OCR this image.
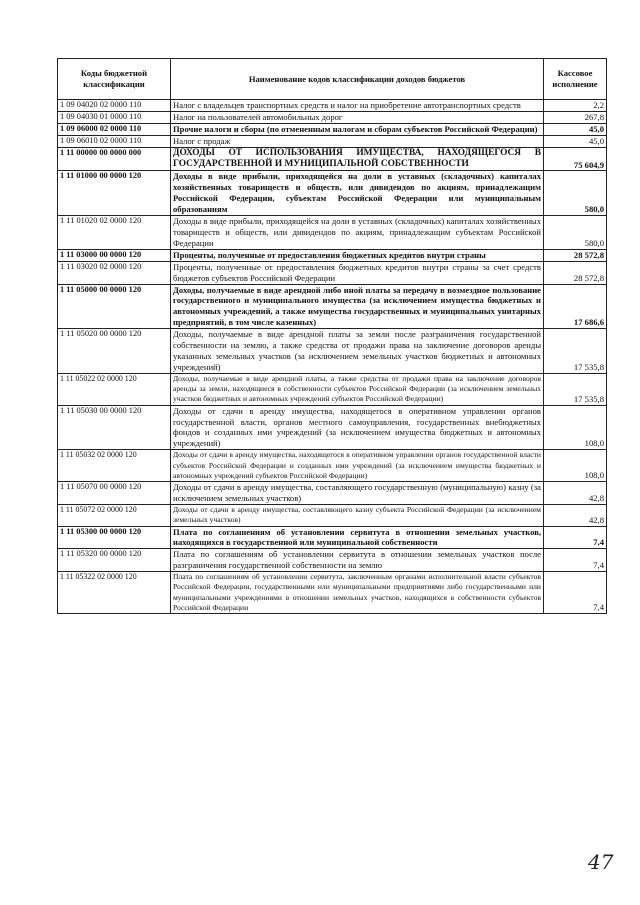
Коды бюджетной классификации	Наименование кодов классификации доходов бюджетов	Кассовое исполнение
1 09 04020 02 0000 110	Налог с владельцев транспортных средств и налог на приобретение автотранспортных средств	2,2
1 09 04030 01 0000 110	Налог на пользователей автомобильных дорог	267,8
1 09 06000 02 0000 110	Прочие налоги и сборы (по отмененным налогам и сборам субъектов Российской Федерации)	45,0
1 09 06010 02 0000 110	Налог с продаж	45,0
1 11 00000 00 0000 000	ДОХОДЫ ОТ ИСПОЛЬЗОВАНИЯ ИМУЩЕСТВА, НАХОДЯЩЕГОСЯ В ГОСУДАРСТВЕННОЙ И МУНИЦИПАЛЬНОЙ СОБСТВЕННОСТИ	75 604,9
1 11 01000 00 0000 120	Доходы в виде прибыли, приходящейся на доли в уставных (складочных) капиталах хозяйственных товариществ и обществ, или дивидендов по акциям, принадлежащим Российской Федерации, субъектам Российской Федерации или муниципальным образованиям	580,0
1 11 01020 02 0000 120	Доходы в виде прибыли, приходящейся на доли в уставных (складочных) капиталах хозяйственных товариществ и обществ, или дивидендов по акциям, принадлежащим субъектам Российской Федерации	580,0
1 11 03000 00 0000 120	Проценты, полученные от предоставления бюджетных кредитов внутри страны	28 572,8
1 11 03020 02 0000 120	Проценты, полученные от предоставления бюджетных кредитов внутри страны за счет средств бюджетов субъектов Российской Федерации	28 572,8
1 11 05000 00 0000 120	Доходы, получаемые в виде арендной либо иной платы за передачу в возмездное пользование государственного и муниципального имущества (за исключением имущества бюджетных и автономных учреждений, а также имущества государственных и муниципальных унитарных предприятий, в том числе казенных)	17 686,6
1 11 05020 00 0000 120	Доходы, получаемые в виде арендной платы за земли после разграничения государственной собственности на землю, а также средства от продажи права на заключение договоров аренды указанных земельных участков (за исключением земельных участков бюджетных и автономных учреждений)	17 535,8
1 11 05022 02 0000 120	Доходы, получаемые в виде арендной платы, а также средства от продажи права на заключение договоров аренды за земли, находящиеся в собственности субъектов Российской Федерации (за исключением земельных участков бюджетных и автономных учреждений субъектов Российской Федерации)	17 535,8
1 11 05030 00 0000 120	Доходы от сдачи в аренду имущества, находящегося в оперативном управлении органов государственной власти, органов местного самоуправления, государственных внебюджетных фондов и созданных ими учреждений (за исключением имущества бюджетных и автономных учреждений)	108,0
1 11 05032 02 0000 120	Доходы от сдачи в аренду имущества, находящегося в оперативном управлении органов государственной власти субъектов Российской Федерации и созданных ими учреждений (за исключением имущества бюджетных и автономных учреждений субъектов Российской Федерации)	108,0
1 11 05070 00 0000 120	Доходы от сдачи в аренду имущества, составляющего государственную (муниципальную) казну (за исключением земельных участков)	42,8
1 11 05072 02 0000 120	Доходы от сдачи в аренду имущества, составляющего казну субъекта Российской Федерации (за исключением земельных участков)	42,8
1 11 05300 00 0000 120	Плата по соглашениям об установлении сервитута в отношении земельных участков, находящихся в государственной или муниципальной собственности	7,4
1 11 05320 00 0000 120	Плата по соглашениям об установлении сервитута в отношении земельных участков после разграничения государственной собственности на землю	7,4
1 11 05322 02 0000 120	Плата по соглашениям об установлении сервитута, заключенным органами исполнительной власти субъектов Российской Федерации, государственными или муниципальными предприятиями либо государственными или муниципальными учреждениями в отношении земельных участков, находящихся в собственности субъектов Российской Федерации	7,4
47
